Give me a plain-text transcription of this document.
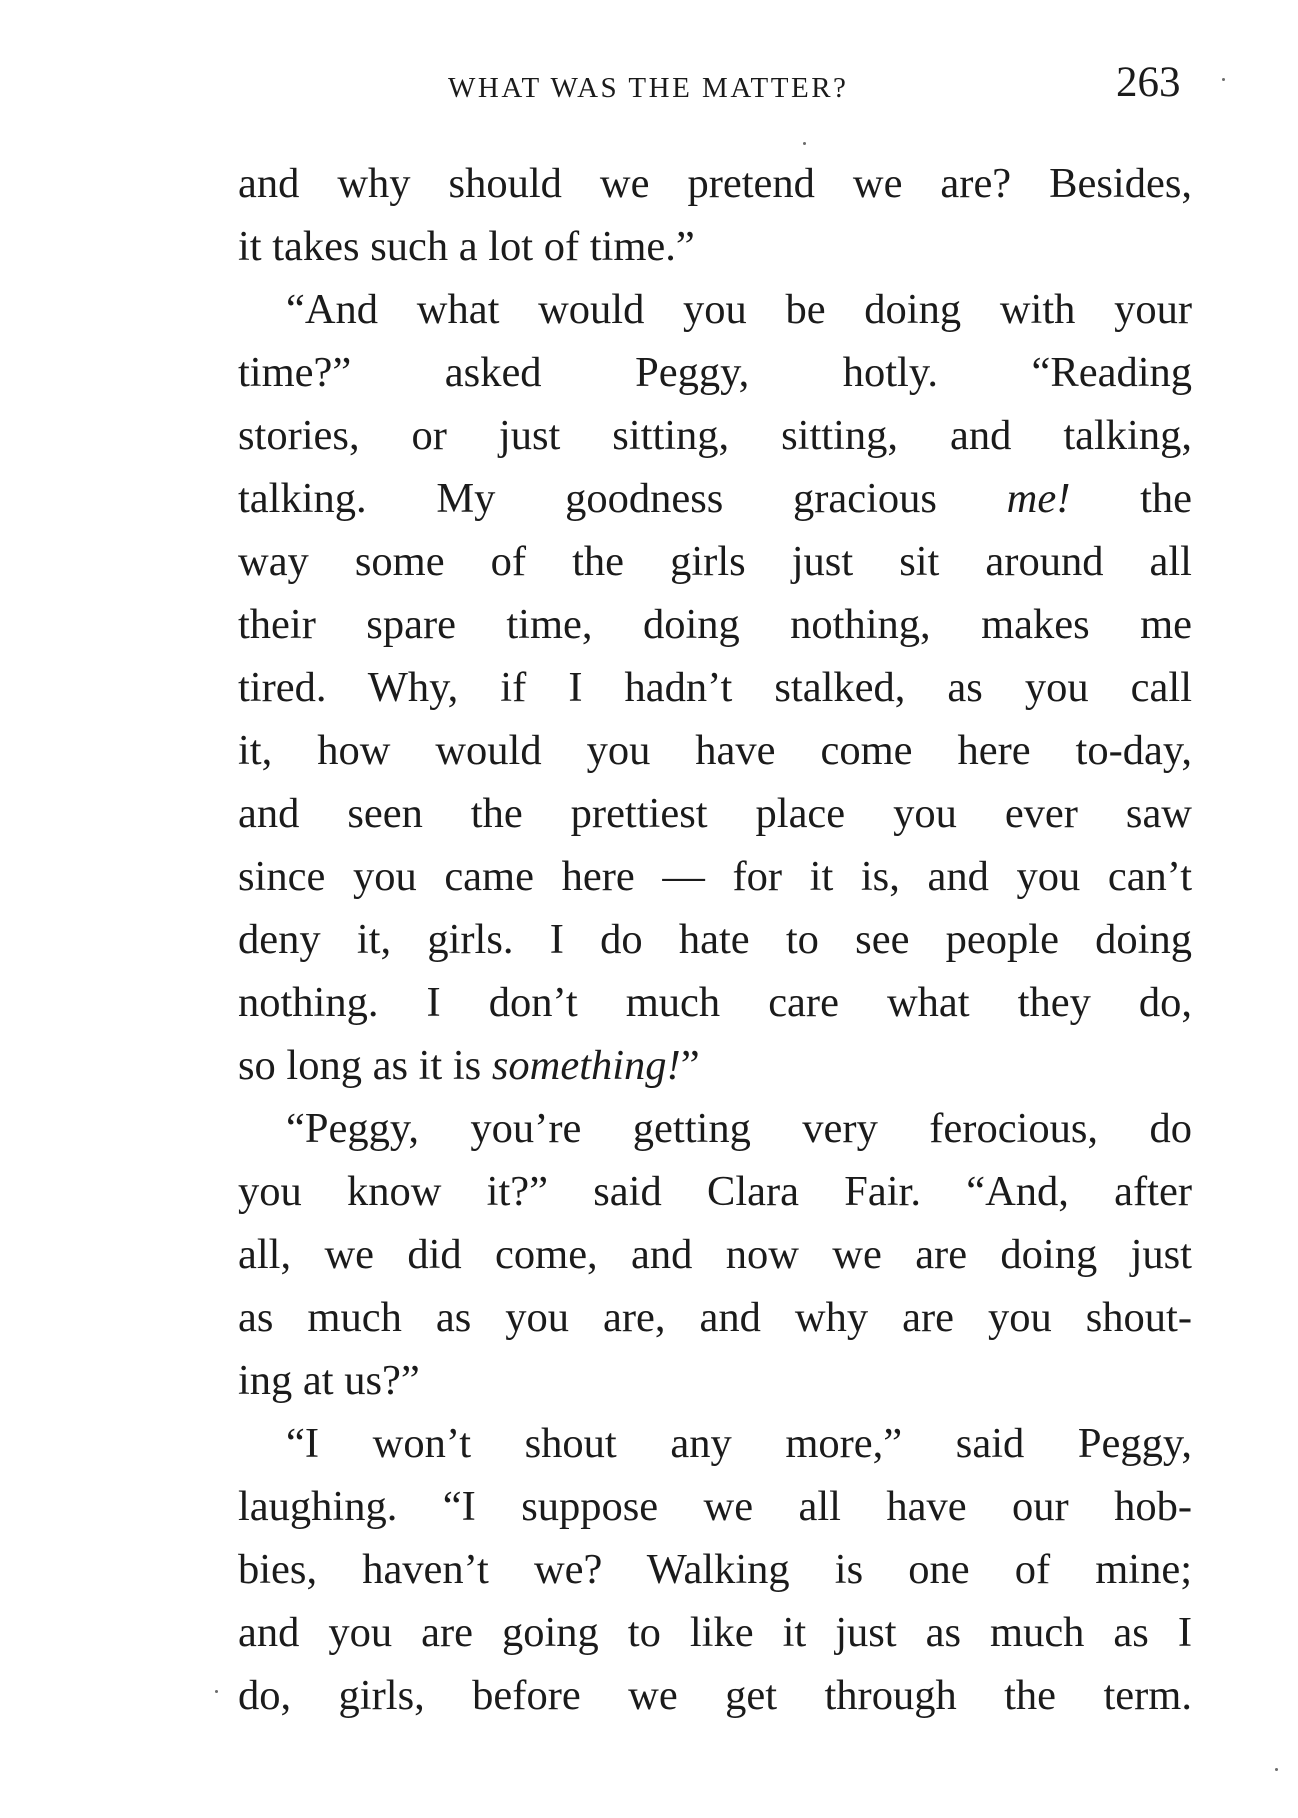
WHAT WAS THE MATTER?	263
and why should we pretend we are? Besides,
it takes such a lot of time.”
“And what would you be doing with your
time?” asked Peggy, hotly. “Reading
stories, or just sitting, sitting, and talking,
talking. My goodness gracious me! the
way some of the girls just sit around all
their spare time, doing nothing, makes me
tired. Why, if I hadn’t stalked, as you call
it, how would you have come here to-day,
and seen the prettiest place you ever saw
since you came here — for it is, and you can’t
deny it, girls. I do hate to see people doing
nothing. I don’t much care what they do,
so long as it is something!”
“Peggy, you’re getting very ferocious, do
you know it?” said Clara Fair. “And, after
all, we did come, and now we are doing just
as much as you are, and why are you shout-
ing at us?”
“I won’t shout any more,” said Peggy,
laughing. “I suppose we all have our hob-
bies, haven’t we? Walking is one of mine;
and you are going to like it just as much as I
do, girls, before we get through the term.
